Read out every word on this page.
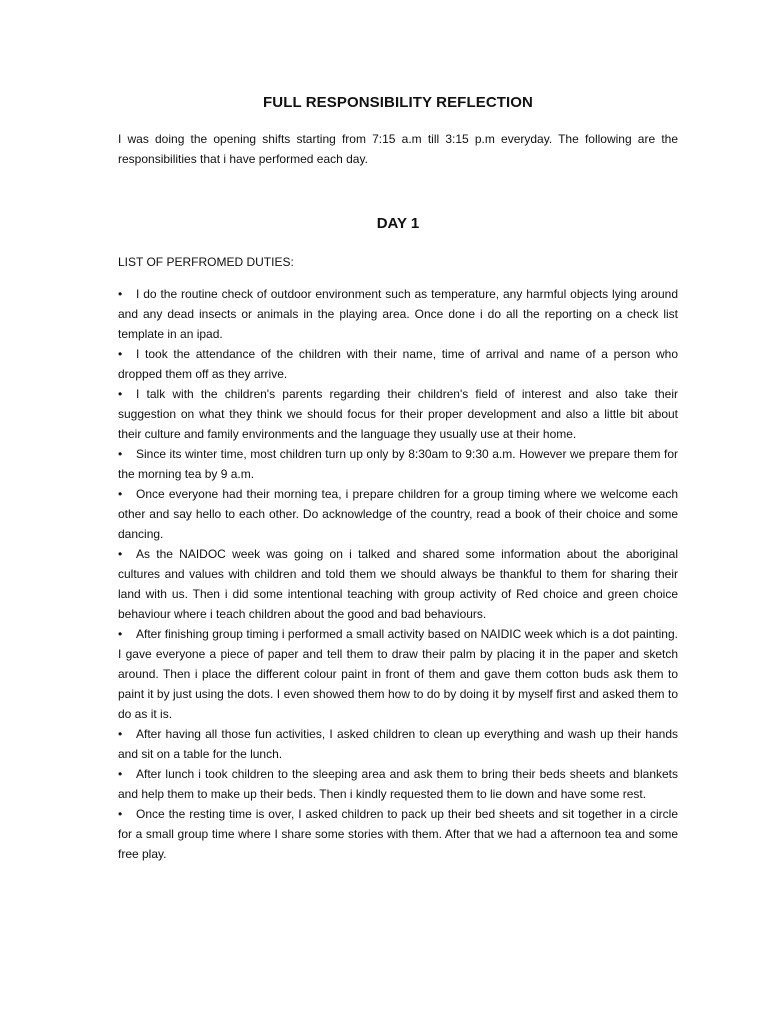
FULL RESPONSIBILITY REFLECTION

I was doing the opening shifts starting from 7:15 a.m till 3:15 p.m everyday. The following are the responsibilities that i have performed each day.

DAY 1

LIST OF PERFROMED DUTIES:

• I do the routine check of outdoor environment such as temperature, any harmful objects lying around and any dead insects or animals in the playing area. Once done i do all the reporting on a check list template in an ipad.
• I took the attendance of the children with their name, time of arrival and name of a person who dropped them off as they arrive.
• I talk with the children's parents regarding their children's field of interest and also take their suggestion on what they think we should focus for their proper development and also a little bit about their culture and family environments and the language they usually use at their home.
• Since its winter time, most children turn up only by 8:30am to 9:30 a.m. However we prepare them for the morning tea by 9 a.m.
• Once everyone had their morning tea, i prepare children for a group timing where we welcome each other and say hello to each other. Do acknowledge of the country, read a book of their choice and some dancing.
• As the NAIDOC week was going on i talked and shared some information about the aboriginal cultures and values with children and told them we should always be thankful to them for sharing their land with us. Then i did some intentional teaching with group activity of Red choice and green choice behaviour where i teach children about the good and bad behaviours.
• After finishing group timing i performed a small activity based on NAIDIC week which is a dot painting. I gave everyone a piece of paper and tell them to draw their palm by placing it in the paper and sketch around. Then i place the different colour paint in front of them and gave them cotton buds ask them to paint it by just using the dots. I even showed them how to do by doing it by myself first and asked them to do as it is.
• After having all those fun activities, I asked children to clean up everything and wash up their hands and sit on a table for the lunch.
• After lunch i took children to the sleeping area and ask them to bring their beds sheets and blankets and help them to make up their beds. Then i kindly requested them to lie down and have some rest.
• Once the resting time is over, I asked children to pack up their bed sheets and sit together in a circle for a small group time where I share some stories with them. After that we had a afternoon tea and some free play.
